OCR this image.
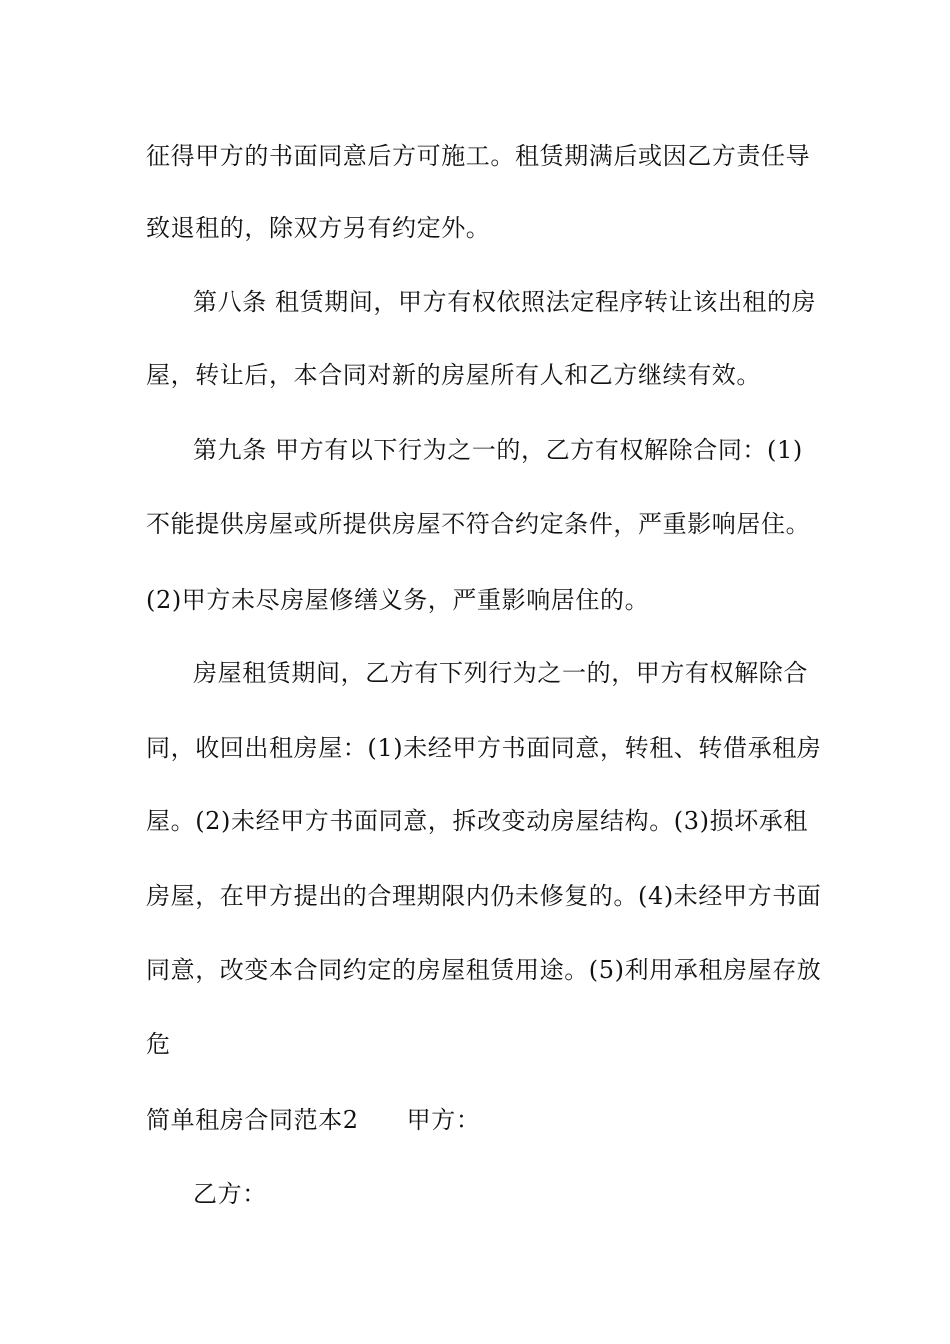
征得甲方的书面同意后方可施工。租赁期满后或因乙方责任导
致退租的，除双方另有约定外。
第八条 租赁期间，甲方有权依照法定程序转让该出租的房
屋，转让后，本合同对新的房屋所有人和乙方继续有效。
第九条 甲方有以下行为之一的，乙方有权解除合同：(1)
不能提供房屋或所提供房屋不符合约定条件，严重影响居住。
(2)甲方未尽房屋修缮义务，严重影响居住的。
房屋租赁期间，乙方有下列行为之一的，甲方有权解除合
同，收回出租房屋：(1)未经甲方书面同意，转租、转借承租房
屋。(2)未经甲方书面同意，拆改变动房屋结构。(3)损坏承租
房屋，在甲方提出的合理期限内仍未修复的。(4)未经甲方书面
同意，改变本合同约定的房屋租赁用途。(5)利用承租房屋存放
危
简单租房合同范本2 甲方：
乙方：
